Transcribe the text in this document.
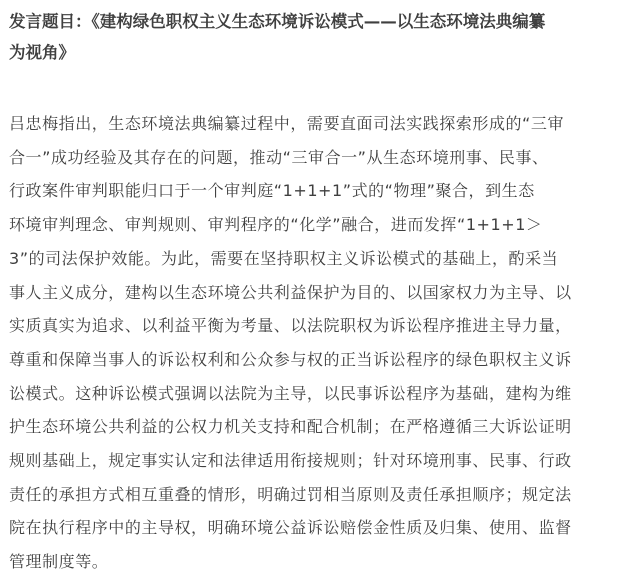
发言题目：《建构绿色职权主义生态环境诉讼模式——以生态环境法典编纂
为视角》

吕忠梅指出，生态环境法典编纂过程中，需要直面司法实践探索形成的“三审
合一”成功经验及其存在的问题，推动“三审合一”从生态环境刑事、民事、
行政案件审判职能归口于一个审判庭“1+1+1”式的“物理”聚合，到生态
环境审判理念、审判规则、审判程序的“化学”融合，进而发挥“1+1+1＞
3”的司法保护效能。为此，需要在坚持职权主义诉讼模式的基础上，酌采当
事人主义成分，建构以生态环境公共利益保护为目的、以国家权力为主导、以
实质真实为追求、以利益平衡为考量、以法院职权为诉讼程序推进主导力量，
尊重和保障当事人的诉讼权利和公众参与权的正当诉讼程序的绿色职权主义诉
讼模式。这种诉讼模式强调以法院为主导，以民事诉讼程序为基础，建构为维
护生态环境公共利益的公权力机关支持和配合机制；在严格遵循三大诉讼证明
规则基础上，规定事实认定和法律适用衔接规则；针对环境刑事、民事、行政
责任的承担方式相互重叠的情形，明确过罚相当原则及责任承担顺序；规定法
院在执行程序中的主导权，明确环境公益诉讼赔偿金性质及归集、使用、监督
管理制度等。
